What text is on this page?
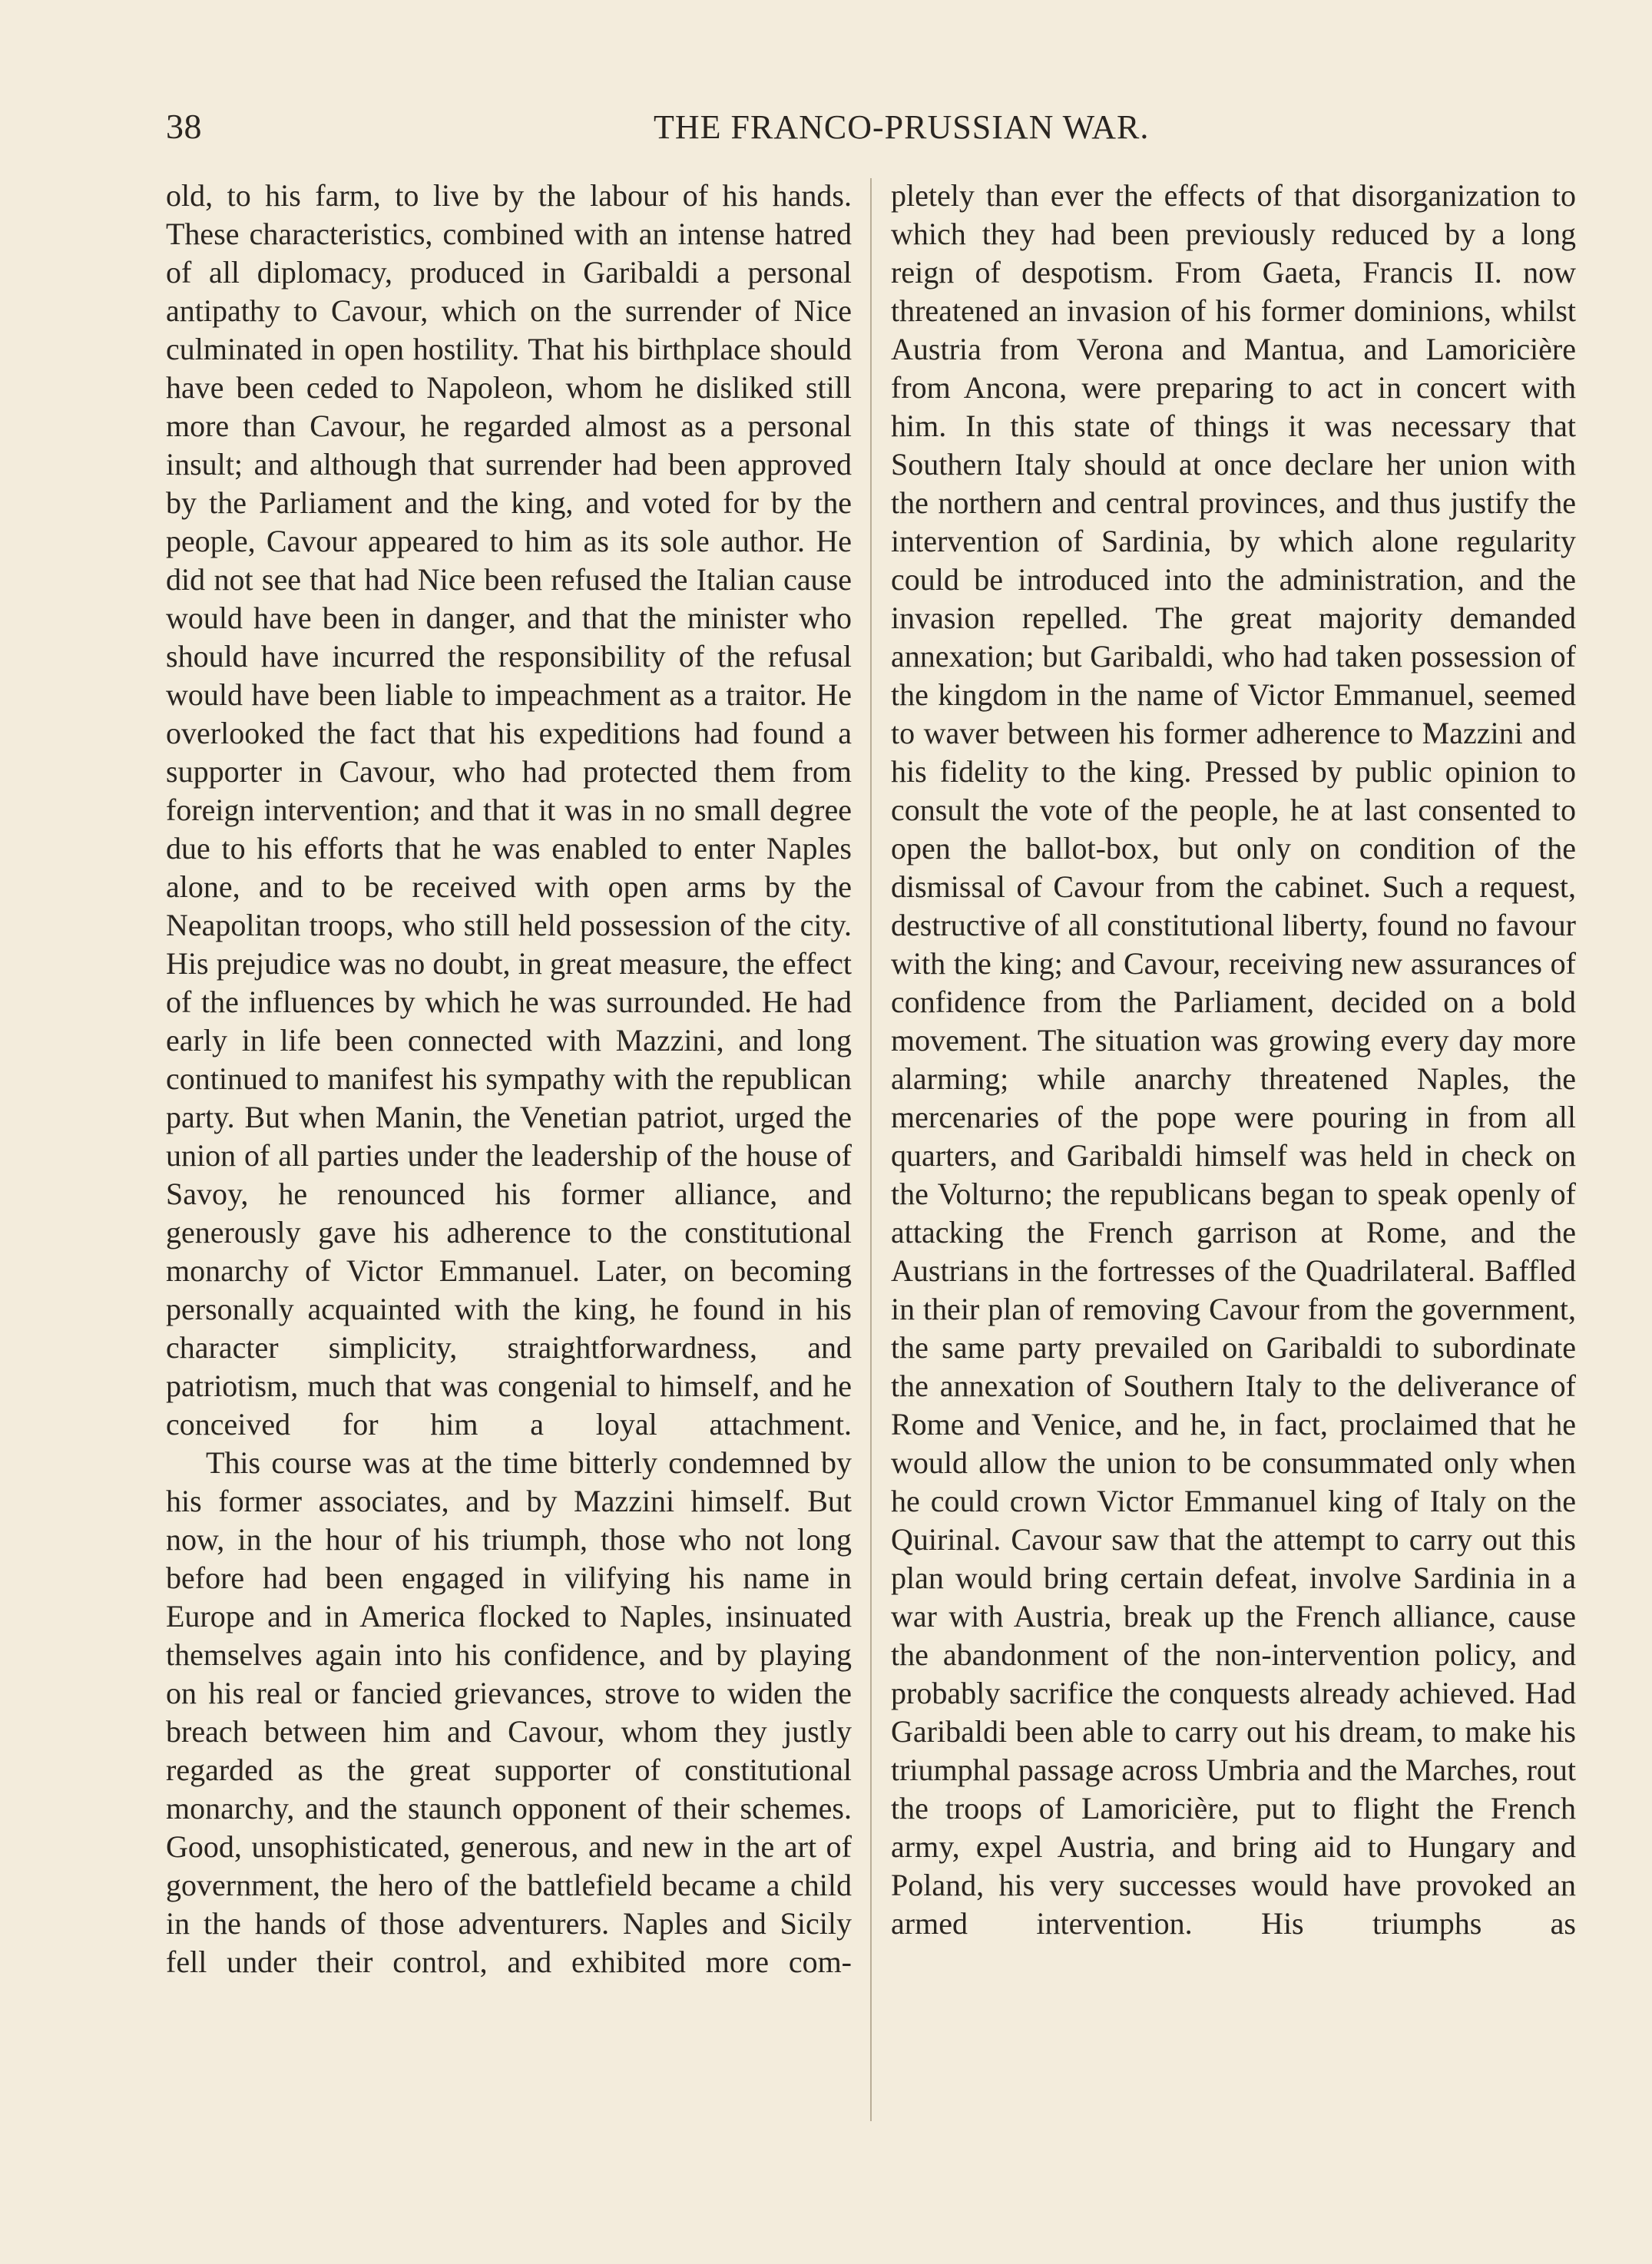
38	THE FRANCO-PRUSSIAN WAR.

old, to his farm, to live by the labour of his hands. These characteristics, combined with an intense hatred of all diplomacy, produced in Garibaldi a personal antipathy to Cavour, which on the surrender of Nice culminated in open hostility. That his birthplace should have been ceded to Napoleon, whom he disliked still more than Cavour, he regarded almost as a personal insult; and although that surrender had been approved by the Parliament and the king, and voted for by the people, Cavour appeared to him as its sole author. He did not see that had Nice been refused the Italian cause would have been in danger, and that the minister who should have incurred the responsibility of the refusal would have been liable to impeachment as a traitor. He overlooked the fact that his expeditions had found a supporter in Cavour, who had protected them from foreign intervention; and that it was in no small degree due to his efforts that he was enabled to enter Naples alone, and to be received with open arms by the Neapolitan troops, who still held possession of the city. His prejudice was no doubt, in great measure, the effect of the influences by which he was surrounded. He had early in life been connected with Mazzini, and long continued to manifest his sympathy with the republican party. But when Manin, the Venetian patriot, urged the union of all parties under the leadership of the house of Savoy, he renounced his former alliance, and generously gave his adherence to the constitutional monarchy of Victor Emmanuel. Later, on becoming personally acquainted with the king, he found in his character simplicity, straightforwardness, and patriotism, much that was congenial to himself, and he conceived for him a loyal attachment.

This course was at the time bitterly condemned by his former associates, and by Mazzini himself. But now, in the hour of his triumph, those who not long before had been engaged in vilifying his name in Europe and in America flocked to Naples, insinuated themselves again into his confidence, and by playing on his real or fancied grievances, strove to widen the breach between him and Cavour, whom they justly regarded as the great supporter of constitutional monarchy, and the staunch opponent of their schemes. Good, unsophisticated, generous, and new in the art of government, the hero of the battlefield became a child in the hands of those adventurers. Naples and Sicily fell under their control, and exhibited more com-

pletely than ever the effects of that disorganization to which they had been previously reduced by a long reign of despotism. From Gaeta, Francis II. now threatened an invasion of his former dominions, whilst Austria from Verona and Mantua, and Lamoricière from Ancona, were preparing to act in concert with him. In this state of things it was necessary that Southern Italy should at once declare her union with the northern and central provinces, and thus justify the intervention of Sardinia, by which alone regularity could be introduced into the administration, and the invasion repelled. The great majority demanded annexation; but Garibaldi, who had taken possession of the kingdom in the name of Victor Emmanuel, seemed to waver between his former adherence to Mazzini and his fidelity to the king. Pressed by public opinion to consult the vote of the people, he at last consented to open the ballot-box, but only on condition of the dismissal of Cavour from the cabinet. Such a request, destructive of all constitutional liberty, found no favour with the king; and Cavour, receiving new assurances of confidence from the Parliament, decided on a bold movement. The situation was growing every day more alarming; while anarchy threatened Naples, the mercenaries of the pope were pouring in from all quarters, and Garibaldi himself was held in check on the Volturno; the republicans began to speak openly of attacking the French garrison at Rome, and the Austrians in the fortresses of the Quadrilateral. Baffled in their plan of removing Cavour from the government, the same party prevailed on Garibaldi to subordinate the annexation of Southern Italy to the deliverance of Rome and Venice, and he, in fact, proclaimed that he would allow the union to be consummated only when he could crown Victor Emmanuel king of Italy on the Quirinal. Cavour saw that the attempt to carry out this plan would bring certain defeat, involve Sardinia in a war with Austria, break up the French alliance, cause the abandonment of the non-intervention policy, and probably sacrifice the conquests already achieved. Had Garibaldi been able to carry out his dream, to make his triumphal passage across Umbria and the Marches, rout the troops of Lamoricière, put to flight the French army, expel Austria, and bring aid to Hungary and Poland, his very successes would have provoked an armed intervention. His triumphs as
